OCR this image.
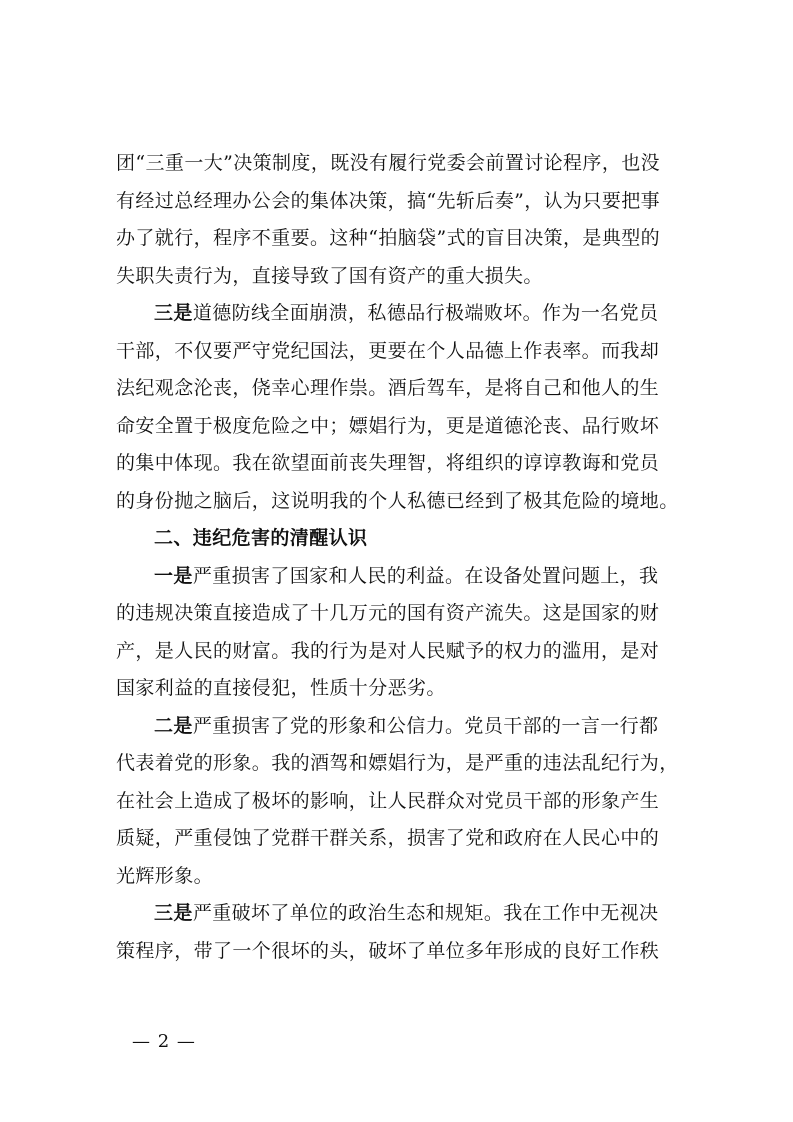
团“三重一大”决策制度，既没有履行党委会前置讨论程序，也没
有经过总经理办公会的集体决策，搞“先斩后奏”，认为只要把事
办了就行，程序不重要。这种“拍脑袋”式的盲目决策，是典型的
失职失责行为，直接导致了国有资产的重大损失。
三是道德防线全面崩溃，私德品行极端败坏。作为一名党员
干部，不仅要严守党纪国法，更要在个人品德上作表率。而我却
法纪观念沦丧，侥幸心理作祟。酒后驾车，是将自己和他人的生
命安全置于极度危险之中；嫖娼行为，更是道德沦丧、品行败坏
的集中体现。我在欲望面前丧失理智，将组织的谆谆教诲和党员
的身份抛之脑后，这说明我的个人私德已经到了极其危险的境地。
二、违纪危害的清醒认识
一是严重损害了国家和人民的利益。在设备处置问题上，我
的违规决策直接造成了十几万元的国有资产流失。这是国家的财
产，是人民的财富。我的行为是对人民赋予的权力的滥用，是对
国家利益的直接侵犯，性质十分恶劣。
二是严重损害了党的形象和公信力。党员干部的一言一行都
代表着党的形象。我的酒驾和嫖娼行为，是严重的违法乱纪行为，
在社会上造成了极坏的影响，让人民群众对党员干部的形象产生
质疑，严重侵蚀了党群干群关系，损害了党和政府在人民心中的
光辉形象。
三是严重破坏了单位的政治生态和规矩。我在工作中无视决
策程序，带了一个很坏的头，破坏了单位多年形成的良好工作秩
— 2 —
